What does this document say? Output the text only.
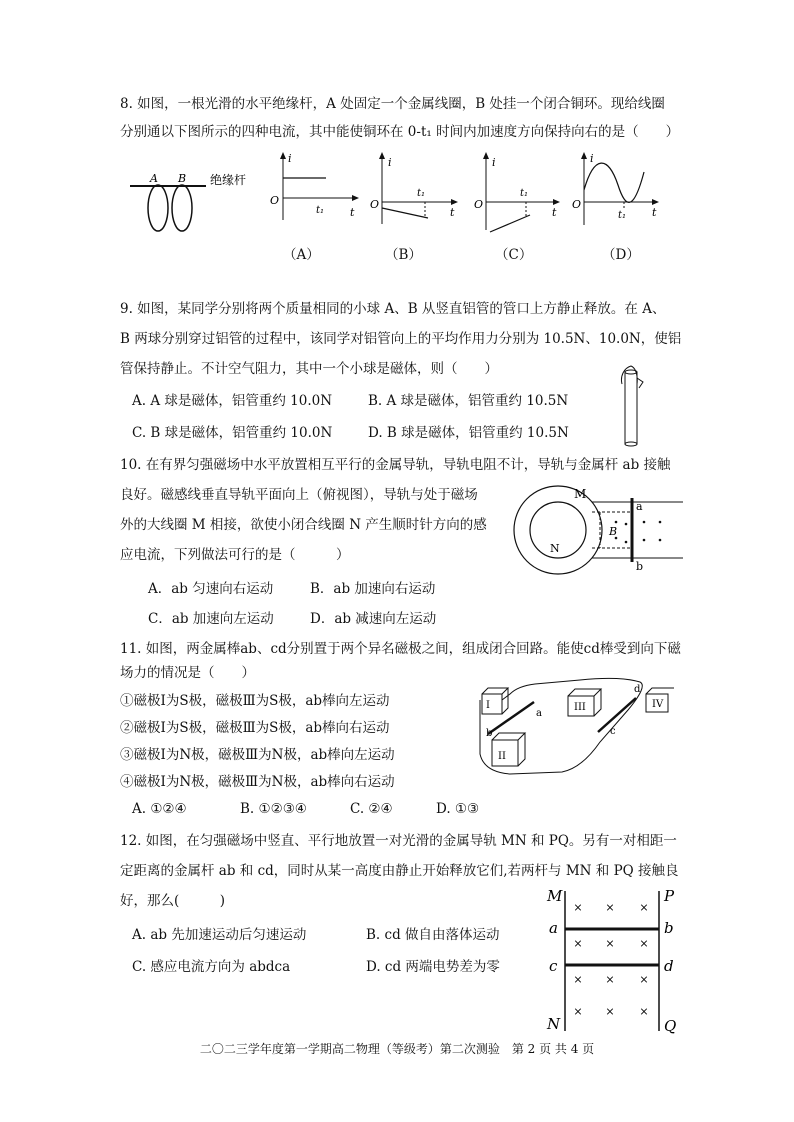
8. 如图，一根光滑的水平绝缘杆，A 处固定一个金属线圈，B 处挂一个闭合铜环。现给线圈
分别通以下图所示的四种电流，其中能使铜环在 0-t₁ 时间内加速度方向保持向右的是（　　）
A B 绝缘杆
i
O
t₁ t
i
O
t₁
t
i
O
t₁
t
i
O
t₁ t
（A）	（B）	（C）	（D）
9. 如图，某同学分别将两个质量相同的小球 A、B 从竖直铝管的管口上方静止释放。在 A、
B 两球分别穿过铝管的过程中，该同学对铝管向上的平均作用力分别为 10.5N、10.0N，使铝
管保持静止。不计空气阻力，其中一个小球是磁体，则（　　）
A. A 球是磁体，铝管重约 10.0N	B. A 球是磁体，铝管重约 10.5N
C. B 球是磁体，铝管重约 10.0N	D. B 球是磁体，铝管重约 10.5N
10. 在有界匀强磁场中水平放置相互平行的金属导轨，导轨电阻不计，导轨与金属杆 ab 接触
良好。磁感线垂直导轨平面向上（俯视图），导轨与处于磁场
外的大线圈 M 相接，欲使小闭合线圈 N 产生顺时针方向的感
应电流，下列做法可行的是（　　　）
A．ab 匀速向右运动	B．ab 加速向右运动
C．ab 加速向左运动	D．ab 减速向左运动
M
N
a
b
B
11. 如图，两金属棒ab、cd分别置于两个异名磁极之间，组成闭合回路。能使cd棒受到向下磁
场力的情况是（　　）
①磁极Ⅰ为S极，磁极Ⅲ为S极，ab棒向左运动
②磁极Ⅰ为S极，磁极Ⅲ为S极，ab棒向右运动
③磁极Ⅰ为N极，磁极Ⅲ为N极，ab棒向左运动
④磁极Ⅰ为N极，磁极Ⅲ为N极，ab棒向右运动
A. ①②④	B. ①②③④	C. ②④	D. ①③
I
II
III	IV
a
b	c
d
12. 如图，在匀强磁场中竖直、平行地放置一对光滑的金属导轨 MN 和 PQ。另有一对相距一
定距离的金属杆 ab 和 cd，同时从某一高度由静止开始释放它们,若两杆与 MN 和 PQ 接触良
好，那么(　　　)
A. ab 先加速运动后匀速运动	B. cd 做自由落体运动
C. 感应电流方向为 abdca	D. cd 两端电势差为零
× × ×
× × ×
× × ×
× × ×
M	P
a	b
c	d
N	Q
二〇二三学年度第一学期高二物理（等级考）第二次测验　第 2 页 共 4 页
